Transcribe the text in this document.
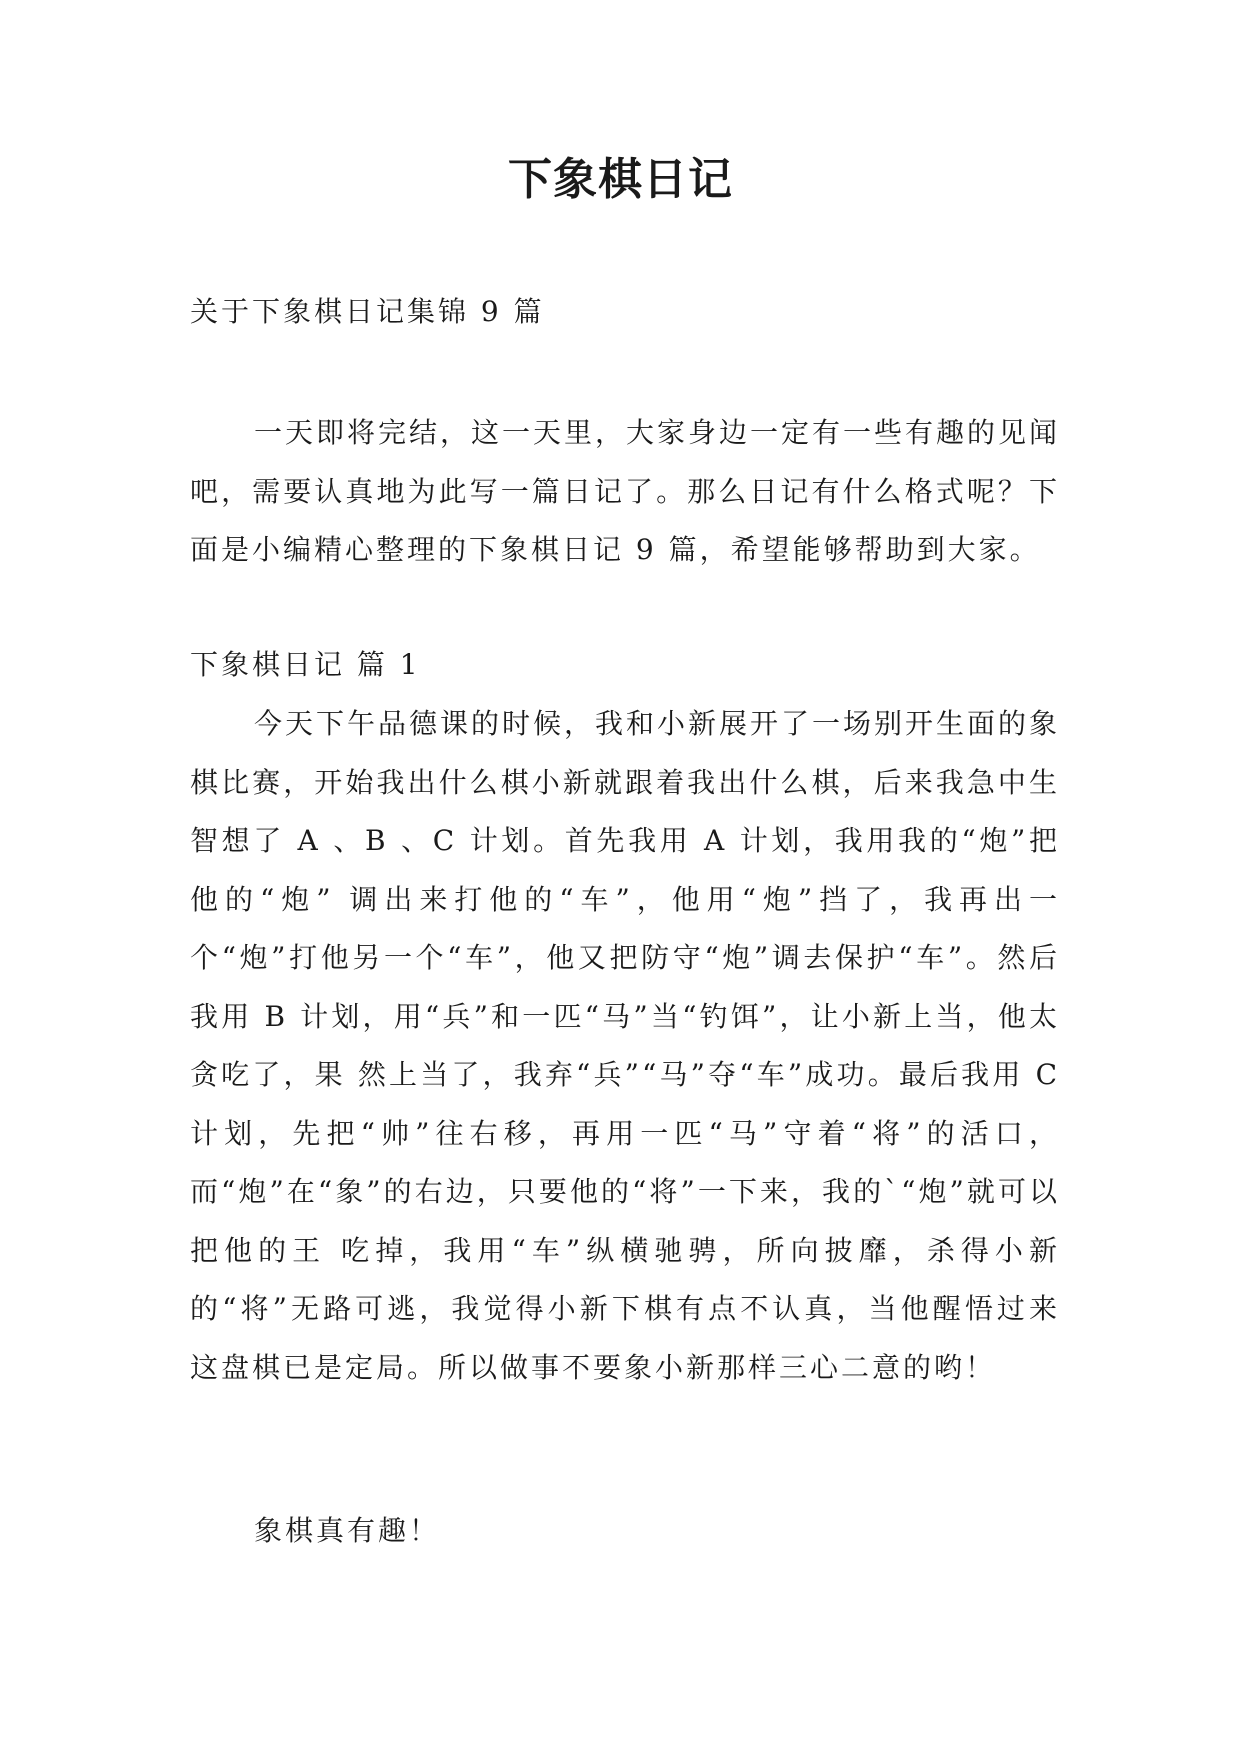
下象棋日记
关于下象棋日记集锦 9 篇

一天即将完结，这一天里，大家身边一定有一些有趣的见闻吧，需要认真地为此写一篇日记了。那么日记有什么格式呢？下面是小编精心整理的下象棋日记 9 篇，希望能够帮助到大家。

下象棋日记 篇 1

今天下午品德课的时候，我和小新展开了一场别开生面的象棋比赛，开始我出什么棋小新就跟着我出什么棋，后来我急中生智想了 A 、B 、C 计划。首先我用 A 计划，我用我的“炮”把他的“炮” 调出来打他的“车”，他用“炮”挡了，我再出一个“炮”打他另一个“车”，他又把防守“炮”调去保护“车”。然后我用 B 计划，用“兵”和一匹“马”当“钓饵”，让小新上当，他太贪吃了，果 然上当了，我弃“兵”“马”夺“车”成功。最后我用 C 计划，先把“帅”往右移，再用一匹“马”守着“将”的活口，而“炮”在“象”的右边，只要他的“将”一下来，我的`“炮”就可以把他的王 吃掉，我用“车”纵横驰骋，所向披靡，杀得小新的“将”无路可逃，我觉得小新下棋有点不认真，当他醒悟过来这盘棋已是定局。所以做事不要象小新那样三心二意的哟！

象棋真有趣！
